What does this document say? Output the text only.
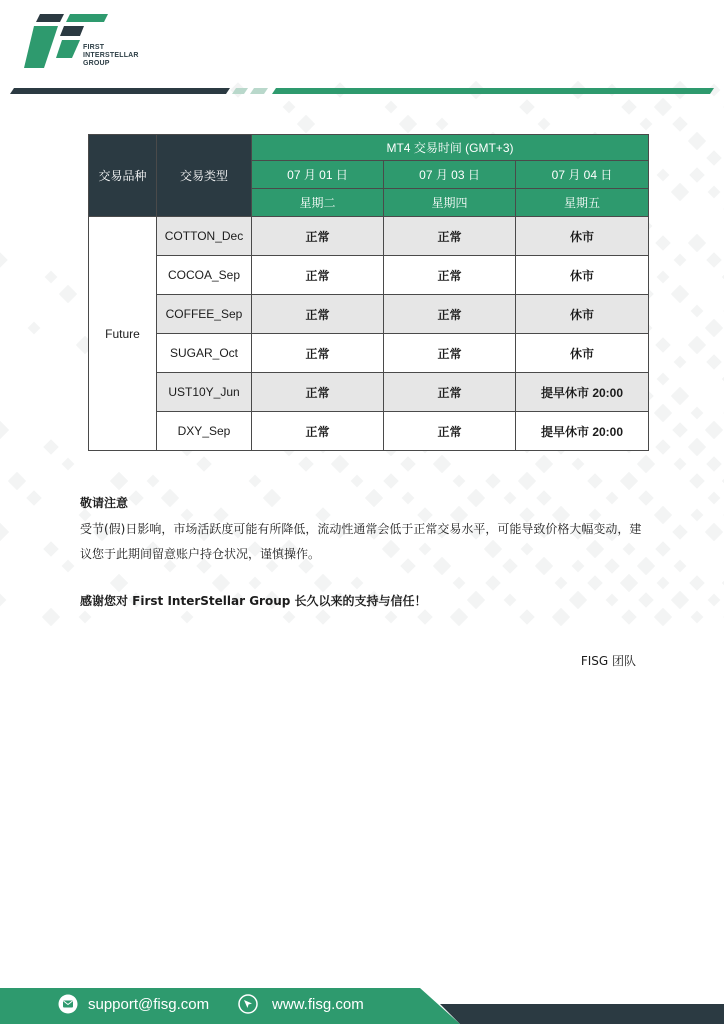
FIRST
INTERSTELLAR
GROUP
交易品种	交易类型	MT4 交易时间 (GMT+3)		
		07 月 01 日	07 月 03 日	07 月 04 日
		星期二	星期四	星期五
Future	COTTON_Dec	正常	正常	休市
	COCOA_Sep	正常	正常	休市
	COFFEE_Sep	正常	正常	休市
	SUGAR_Oct	正常	正常	休市
	UST10Y_Jun	正常	正常	提早休市 20:00
	DXY_Sep	正常	正常	提早休市 20:00
敬请注意
受节(假)日影响，市场活跃度可能有所降低，流动性通常会低于正常交易水平，可能导致价格大幅变动，建议您于此期间留意账户持仓状况，谨慎操作。
感谢您对 First InterStellar Group 长久以来的支持与信任！
FISG 团队
support@fisg.com	www.fisg.com
